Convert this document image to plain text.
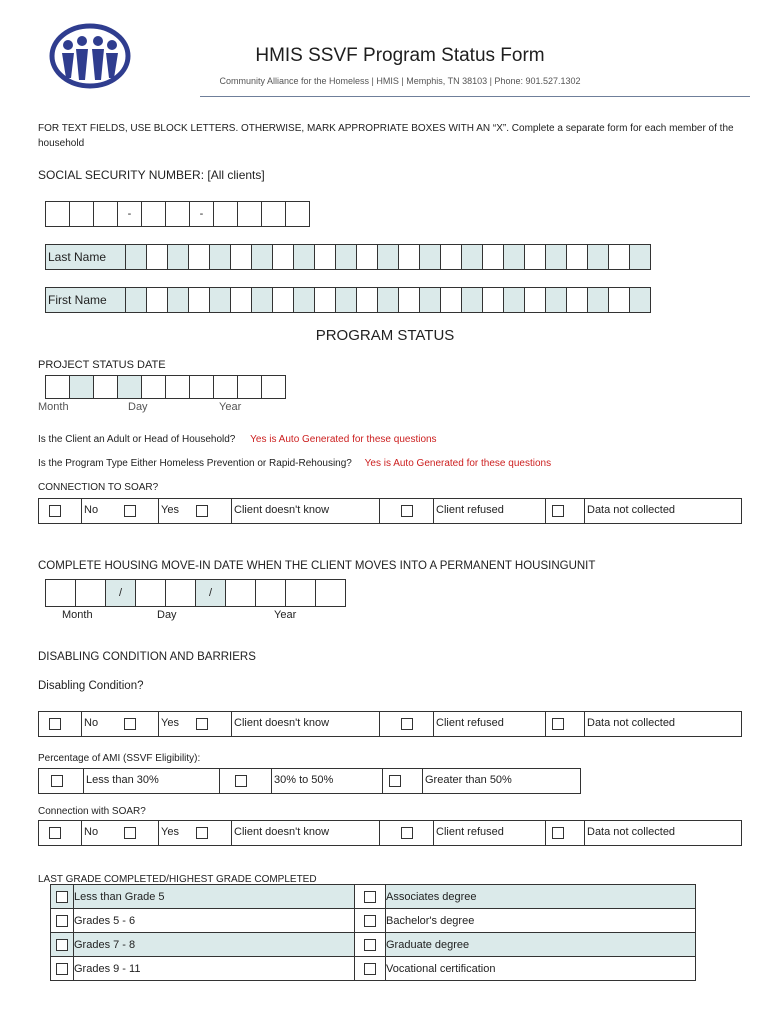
HMIS SSVF Program Status Form
Community Alliance for the Homeless | HMIS | Memphis, TN 38103 | Phone: 901.527.1302
FOR TEXT FIELDS, USE BLOCK LETTERS. OTHERWISE, MARK APPROPRIATE BOXES WITH AN “X”. Complete a separate form for each member of the household
SOCIAL SECURITY NUMBER: [All clients]
-	-
Last Name
First Name
PROGRAM STATUS
PROJECT STATUS DATE
Month	Day	Year
Is the Client an Adult or Head of Household? Yes is Auto Generated for these questions
Is the Program Type Either Homeless Prevention or Rapid-Rehousing? Yes is Auto Generated for these questions
CONNECTION TO SOAR?
No	Yes	Client doesn't know	Client refused	Data not collected
COMPLETE HOUSING MOVE-IN DATE WHEN THE CLIENT MOVES INTO A PERMANENT HOUSINGUNIT
/	/
Month	Day	Year
DISABLING CONDITION AND BARRIERS
Disabling Condition?
No	Yes	Client doesn't know	Client refused	Data not collected
Percentage of AMI (SSVF Eligibility):
Less than 30%	30% to 50%	Greater than 50%
Connection with SOAR?
No	Yes	Client doesn't know	Client refused	Data not collected
LAST GRADE COMPLETED/HIGHEST GRADE COMPLETED
	Less than Grade 5		Associates degree
	Grades 5 - 6		Bachelor's degree
	Grades 7 - 8		Graduate degree
	Grades 9 - 11		Vocational certification
